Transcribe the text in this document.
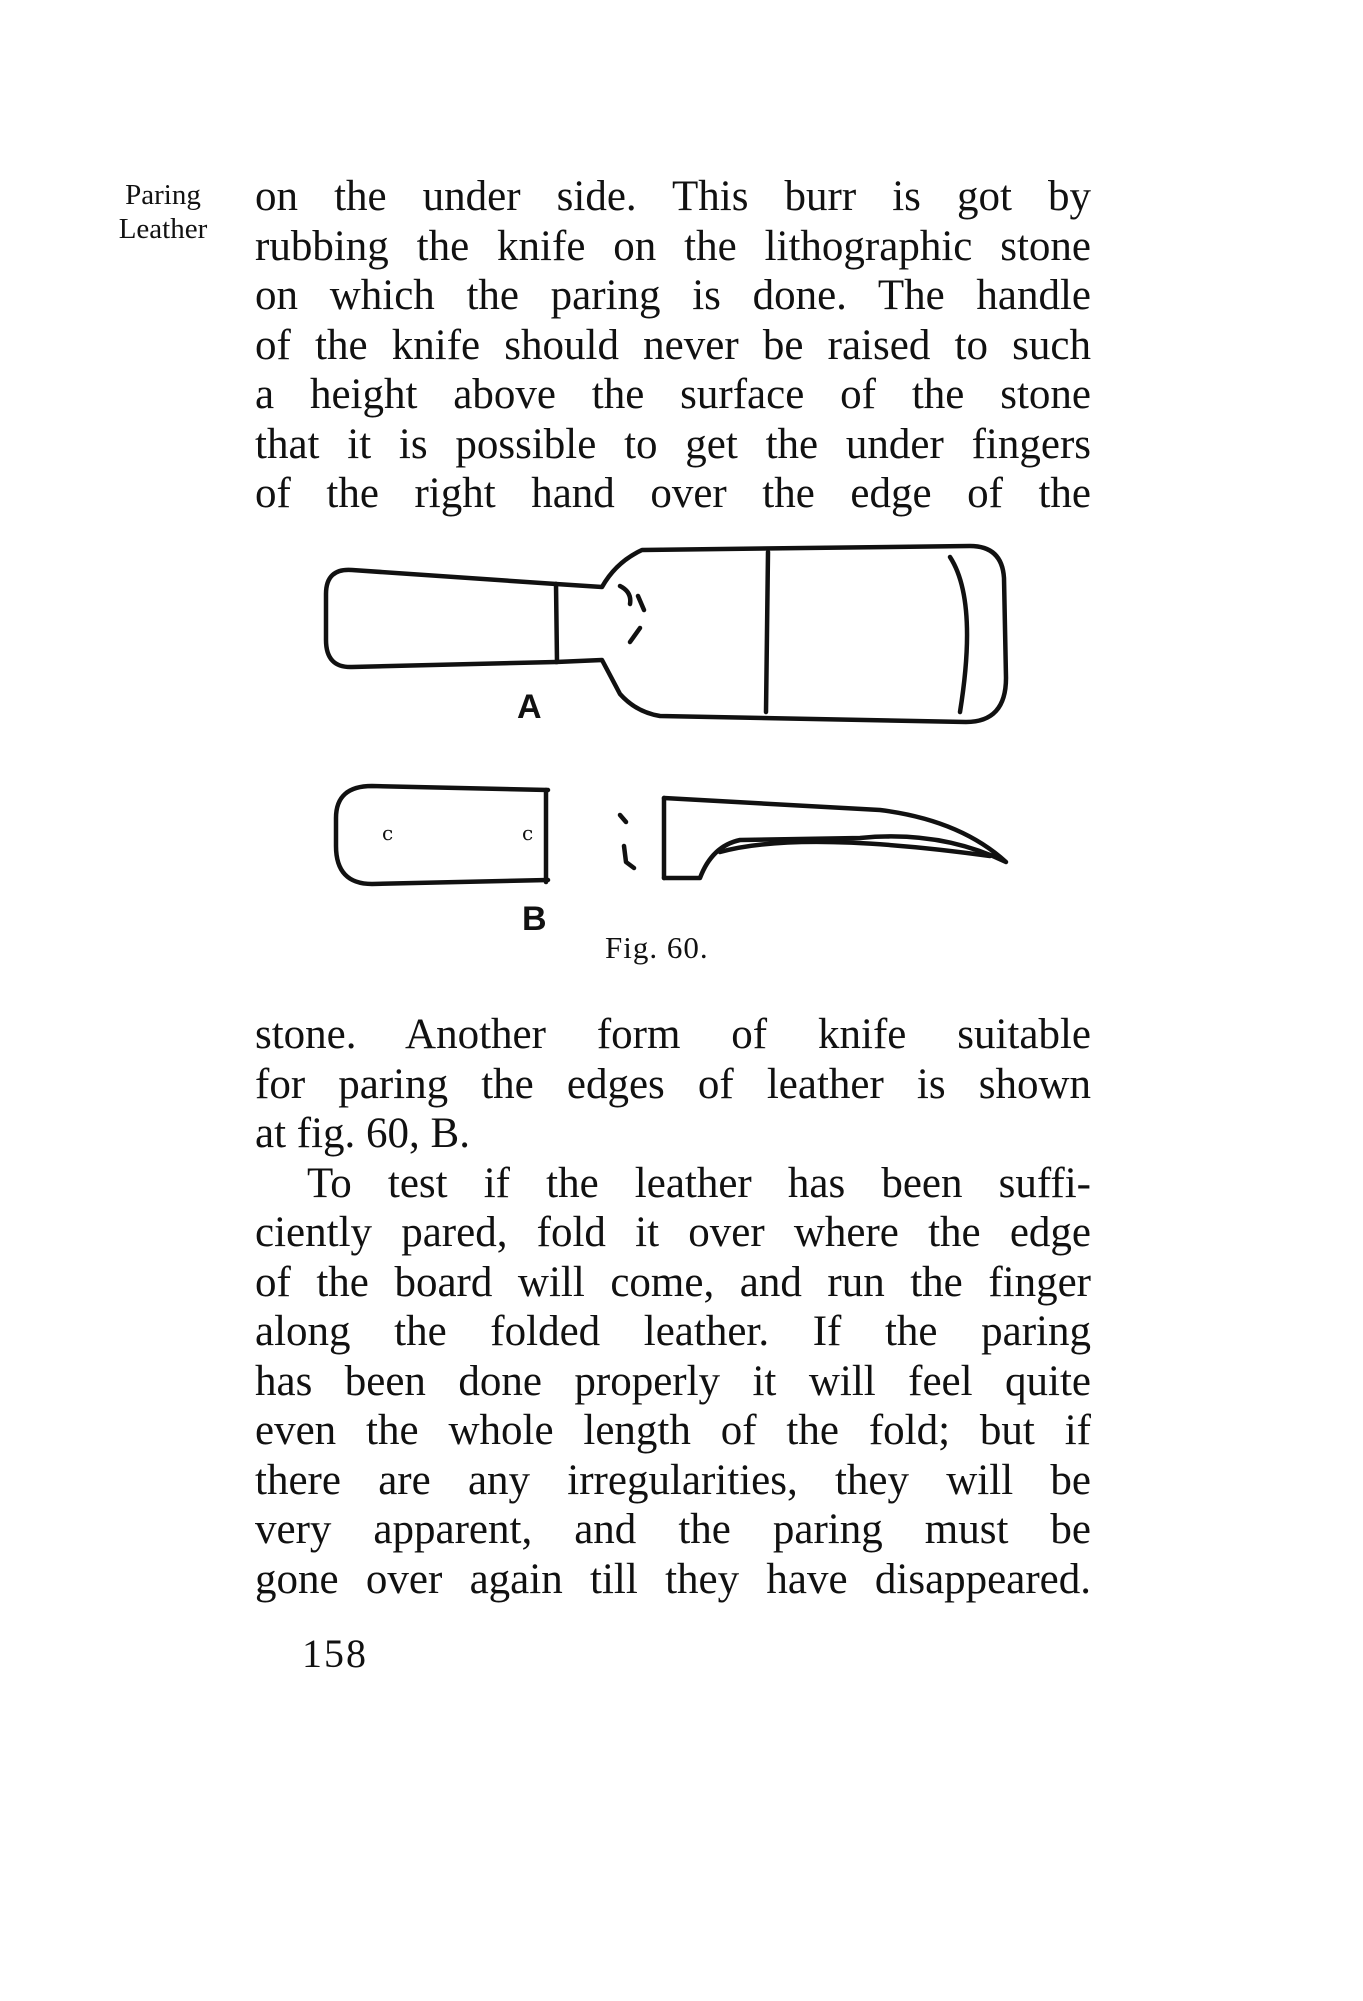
Paring
Leather
on the under side. This burr is got by
rubbing the knife on the lithographic stone
on which the paring is done. The handle
of the knife should never be raised to such
a height above the surface of the stone
that it is possible to get the under fingers
of the right hand over the edge of the
c	c
A
B
Fig. 60.
stone. Another form of knife suitable
for paring the edges of leather is shown
at fig. 60, B.
To test if the leather has been suffi-
ciently pared, fold it over where the edge
of the board will come, and run the finger
along the folded leather. If the paring
has been done properly it will feel quite
even the whole length of the fold; but if
there are any irregularities, they will be
very apparent, and the paring must be
gone over again till they have disappeared.
158
